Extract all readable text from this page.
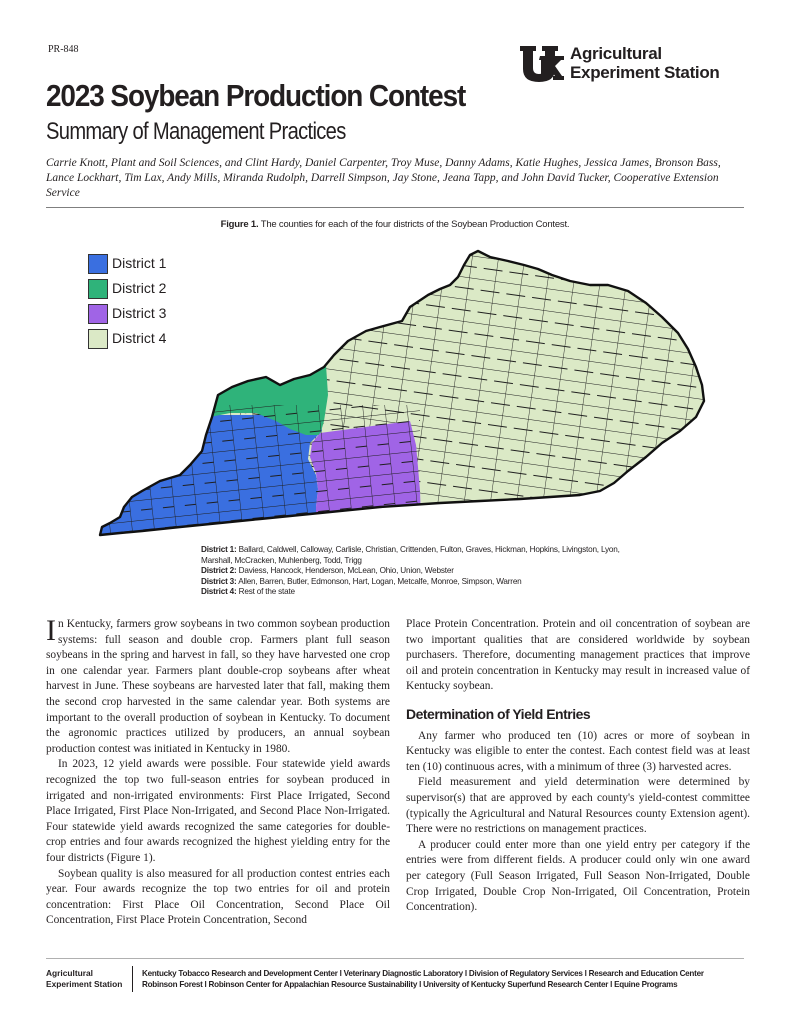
PR-848	Agricultural
Experiment Station
2023 Soybean Production Contest
Summary of Management Practices
Carrie Knott, Plant and Soil Sciences, and Clint Hardy, Daniel Carpenter, Troy Muse, Danny Adams, Katie Hughes, Jessica James, Bronson Bass, Lance Lockhart, Tim Lax, Andy Mills, Miranda Rudolph, Darrell Simpson, Jay Stone, Jeana Tapp, and John David Tucker, Cooperative Extension Service
Figure 1. The counties for each of the four districts of the Soybean Production Contest.
District 1
District 2
District 3
District 4
District 1: Ballard, Caldwell, Calloway, Carlisle, Christian, Crittenden, Fulton, Graves, Hickman, Hopkins, Livingston, Lyon, Marshall, McCracken, Muhlenberg, Todd, Trigg
District 2: Daviess, Hancock, Henderson, McLean, Ohio, Union, Webster
District 3: Allen, Barren, Butler, Edmonson, Hart, Logan, Metcalfe, Monroe, Simpson, Warren
District 4: Rest of the state

In Kentucky, farmers grow soybeans in two common soybean production systems: full season and double crop. Farmers plant full season soybeans in the spring and harvest in fall, so they have harvested one crop in one calendar year. Farmers plant double-crop soybeans after wheat harvest in June. These soybeans are harvested later that fall, making them the second crop harvested in the same calendar year. Both systems are important to the overall production of soybean in Kentucky. To document the agronomic practices utilized by producers, an annual soybean production contest was initiated in Kentucky in 1980.

In 2023, 12 yield awards were possible. Four statewide yield awards recognized the top two full-season entries for soybean produced in irrigated and non-irrigated environments: First Place Irrigated, Second Place Irrigated, First Place Non-Irrigated, and Second Place Non-Irrigated. Four statewide yield awards recognized the same categories for double-crop entries and four awards recognized the highest yielding entry for the four districts (Figure 1).

Soybean quality is also measured for all production contest entries each year. Four awards recognize the top two entries for oil and protein concentration: First Place Oil Concentration, Second Place Oil Concentration, First Place Protein Concentration, Second

Place Protein Concentration. Protein and oil concentration of soybean are two important qualities that are considered worldwide by soybean purchasers. Therefore, documenting management practices that improve oil and protein concentration in Kentucky may result in increased value of Kentucky soybean.

Determination of Yield Entries

Any farmer who produced ten (10) acres or more of soybean in Kentucky was eligible to enter the contest. Each contest field was at least ten (10) continuous acres, with a minimum of three (3) harvested acres.

Field measurement and yield determination were determined by supervisor(s) that are approved by each county's yield-contest committee (typically the Agricultural and Natural Resources county Extension agent). There were no restrictions on management practices.

A producer could enter more than one yield entry per category if the entries were from different fields. A producer could only win one award per category (Full Season Irrigated, Full Season Non-Irrigated, Double Crop Irrigated, Double Crop Non-Irrigated, Oil Concentration, Protein Concentration).

Agricultural
Experiment Station
Kentucky Tobacco Research and Development Center l Veterinary Diagnostic Laboratory l Division of Regulatory Services l Research and Education Center
Robinson Forest l Robinson Center for Appalachian Resource Sustainability l University of Kentucky Superfund Research Center l Equine Programs
